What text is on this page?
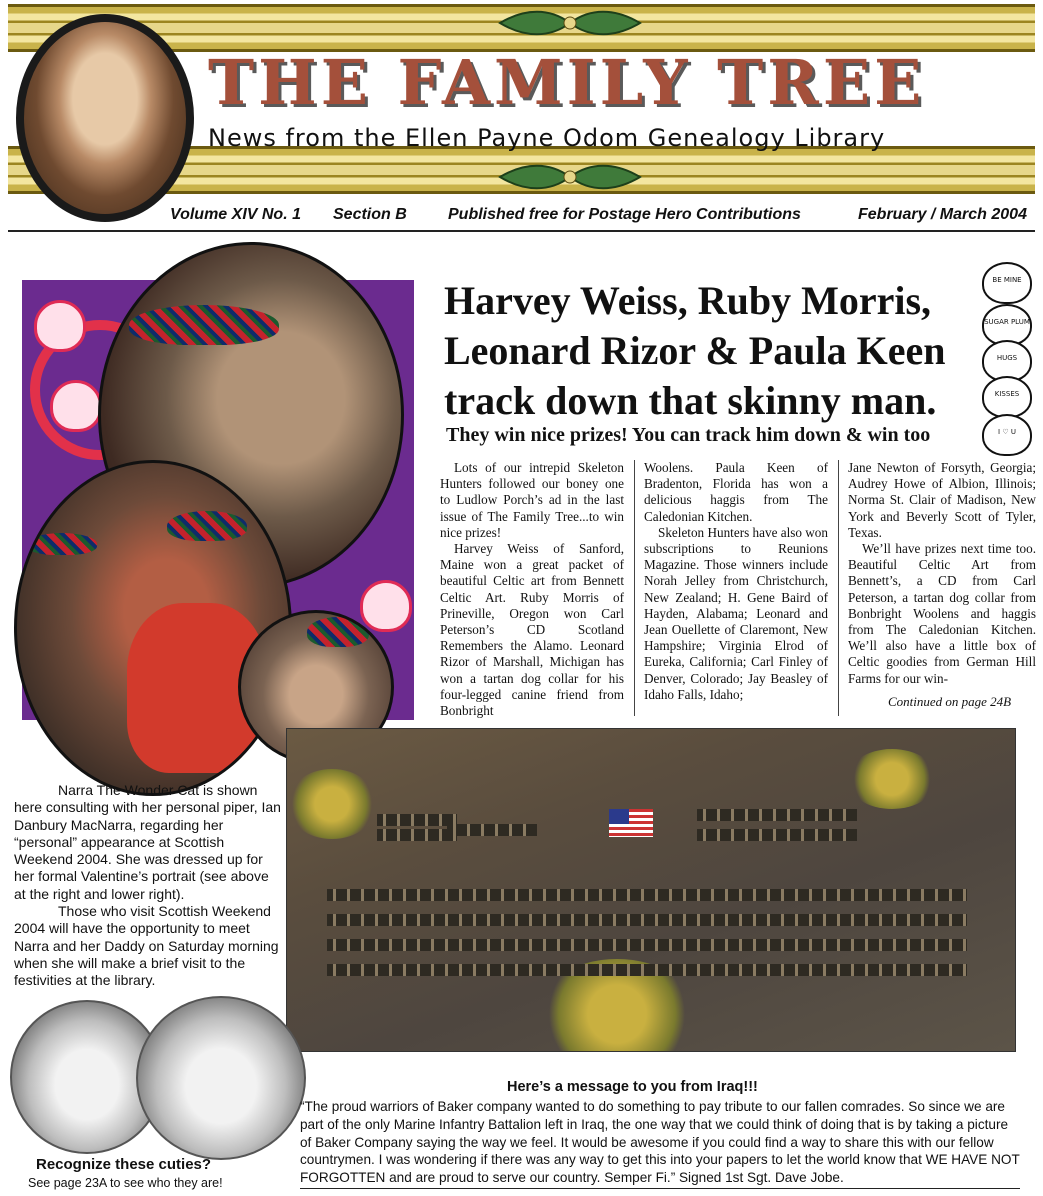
THE FAMILY TREE
News from the Ellen Payne Odom Genealogy Library
Volume XIV No. 1 Section B	Published free for Postage Hero Contributions	February / March 2004
Harvey Weiss, Ruby Morris, Leonard Rizor & Paula Keen track down that skinny man.
They win nice prizes! You can track him down & win too
BE MINE
SUGAR PLUM
HUGS
KISSES
I ♡ U

Lots of our intrepid Skeleton Hunters followed our boney one to Ludlow Porch’s ad in the last issue of The Family Tree...to win nice prizes!

Harvey Weiss of Sanford, Maine won a great packet of beautiful Celtic art from Bennett Celtic Art. Ruby Morris of Prineville, Oregon won Carl Peterson’s CD Scotland Remembers the Alamo. Leonard Rizor of Marshall, Michigan has won a tartan dog collar for his four-legged canine friend from Bonbright

Woolens. Paula Keen of Bradenton, Florida has won a delicious haggis from The Caledonian Kitchen.

Skeleton Hunters have also won subscriptions to Reunions Magazine. Those winners include Norah Jelley from Christchurch, New Zealand; H. Gene Baird of Hayden, Alabama; Leonard and Jean Ouellette of Claremont, New Hampshire; Virginia Elrod of Eureka, California; Carl Finley of Denver, Colorado; Jay Beasley of Idaho Falls, Idaho;

Jane Newton of Forsyth, Georgia; Audrey Howe of Albion, Illinois; Norma St. Clair of Madison, New York and Beverly Scott of Tyler, Texas.

We’ll have prizes next time too. Beautiful Celtic Art from Bennett’s, a CD from Carl Peterson, a tartan dog collar from Bonbright Woolens and haggis from The Caledonian Kitchen. We’ll also have a little box of Celtic goodies from German Hill Farms for our win-

Continued on page 24B

Narra The Wonder Cat is shown here consulting with her personal piper, Ian Danbury MacNarra, regarding her “personal” appearance at Scottish Weekend 2004. She was dressed up for her formal Valentine’s portrait (see above at the right and lower right).

Those who visit Scottish Weekend 2004 will have the opportunity to meet Narra and her Daddy on Saturday morning when she will make a brief visit to the festivities at the library.

Recognize these cuties?
See page 23A to see who they are!
Here’s a message to you from Iraq!!!

“The proud warriors of Baker company wanted to do something to pay tribute to our fallen comrades. So since we are part of the only Marine Infantry Battalion left in Iraq, the one way that we could think of doing that is by taking a picture of Baker Company saying the way we feel. It would be awesome if you could find a way to share this with our fellow countrymen. I was wondering if there was any way to get this into your papers to let the world know that WE HAVE NOT FORGOTTEN and are proud to serve our country. Semper Fi.” Signed 1st Sgt. Dave Jobe.
